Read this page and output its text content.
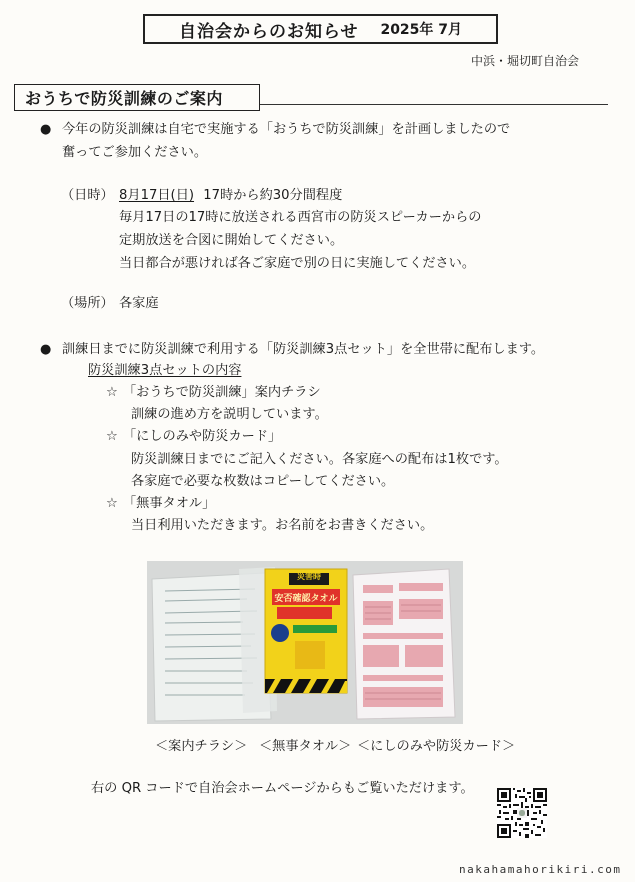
自治会からのお知らせ 2025年 7月
中浜・堀切町自治会
おうちで防災訓練のご案内
● 今年の防災訓練は自宅で実施する「おうちで防災訓練」を計画しましたので
奮ってご参加ください。
（日時） 8月17日(日) 17時から約30分間程度
毎月17日の17時に放送される西宮市の防災スピーカーからの
定期放送を合図に開始してください。
当日都合が悪ければ各ご家庭で別の日に実施してください。
（場所） 各家庭
● 訓練日までに防災訓練で利用する「防災訓練3点セット」を全世帯に配布します。
防災訓練3点セットの内容
☆ 「おうちで防災訓練」案内チラシ
訓練の進め方を説明しています。
☆ 「にしのみや防災カード」
防災訓練日までにご記入ください。各家庭への配布は1枚です。
各家庭で必要な枚数はコピーしてください。
☆ 「無事タオル」
当日利用いただきます。お名前をお書きください。
災害時
安否確認タオル
＜案内チラシ＞ ＜無事タオル＞ ＜にしのみや防災カード＞
右の QR コードで自治会ホームページからもご覧いただけます。
nakahamahorikiri.com
